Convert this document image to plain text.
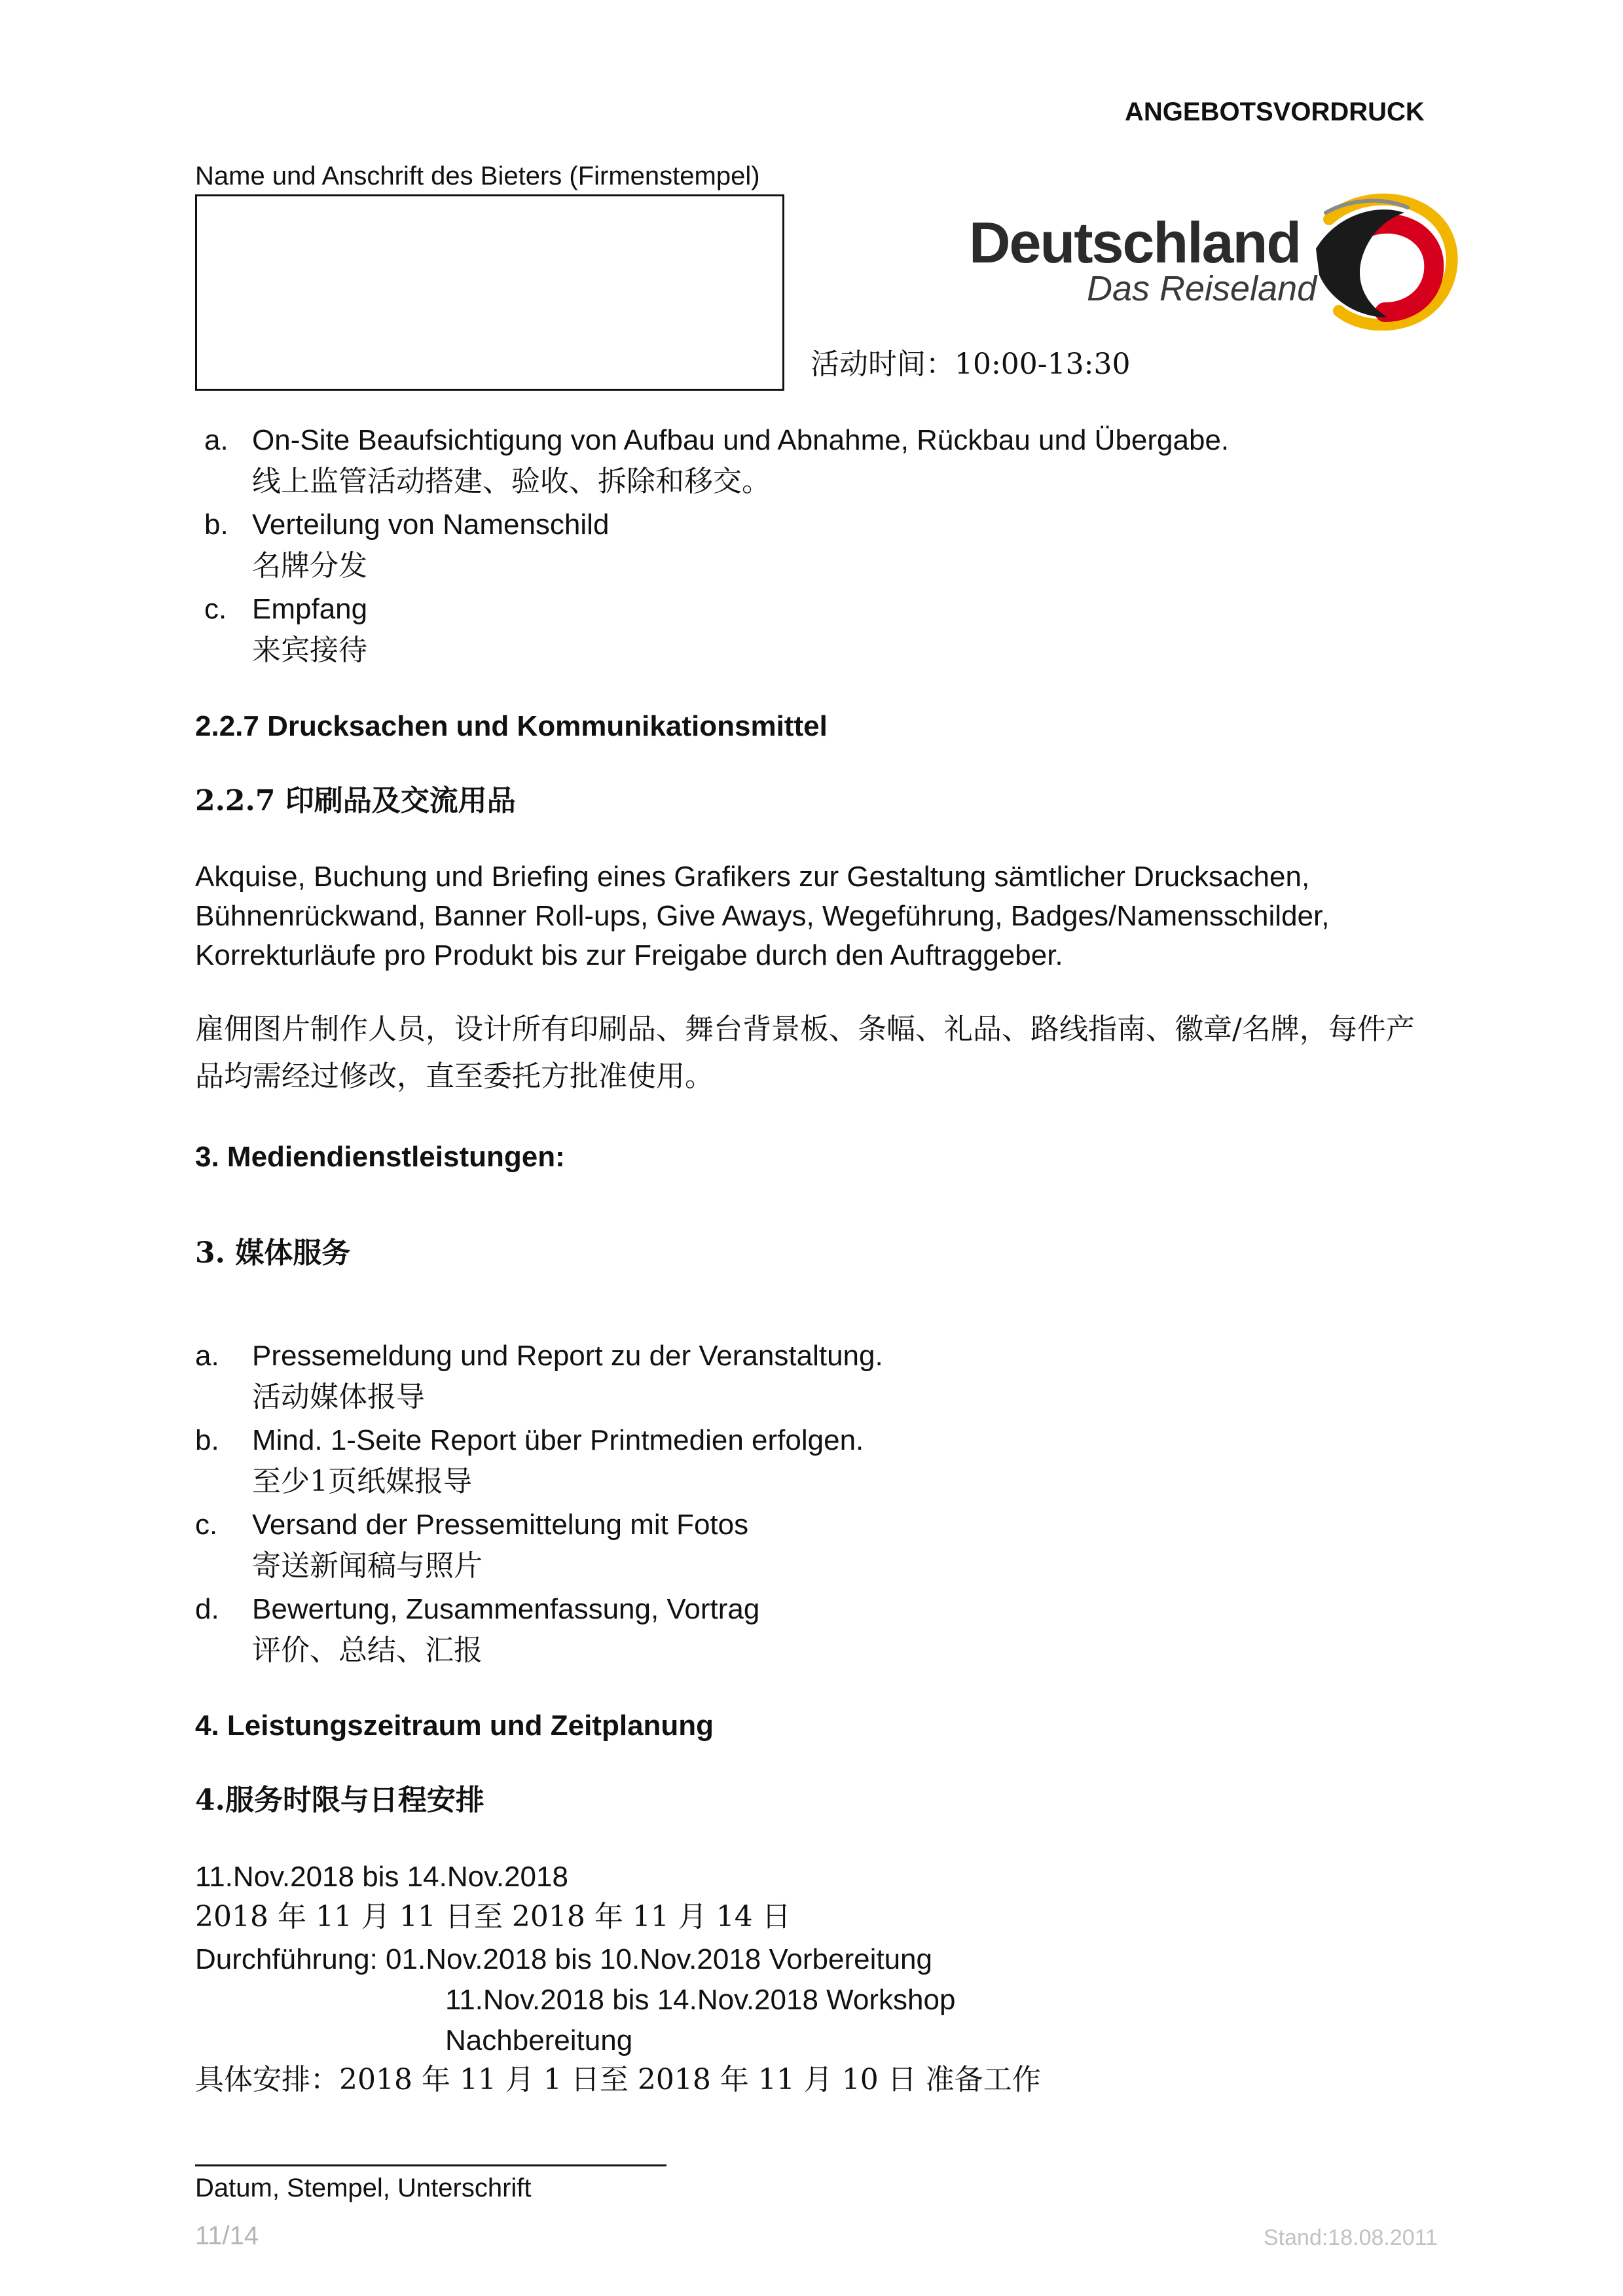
ANGEBOTSVORDRUCK
Name und Anschrift des Bieters (Firmenstempel)
Deutschland
Das Reiseland
活动时间：10:00-13:30
a. On-Site Beaufsichtigung von Aufbau und Abnahme, Rückbau und Übergabe.
线上监管活动搭建、验收、拆除和移交。
b. Verteilung von Namenschild
名牌分发
c. Empfang
来宾接待
2.2.7 Drucksachen und Kommunikationsmittel
2.2.7 印刷品及交流用品
Akquise, Buchung und Briefing eines Grafikers zur Gestaltung sämtlicher Drucksachen,
Bühnenrückwand, Banner Roll-ups, Give Aways, Wegeführung, Badges/Namensschilder,
Korrekturläufe pro Produkt bis zur Freigabe durch den Auftraggeber.
雇佣图片制作人员，设计所有印刷品、舞台背景板、条幅、礼品、路线指南、徽章/名牌，每件产
品均需经过修改，直至委托方批准使用。
3. Mediendienstleistungen:
3. 媒体服务
a. Pressemeldung und Report zu der Veranstaltung.
活动媒体报导
b. Mind. 1-Seite Report über Printmedien erfolgen.
至少1页纸媒报导
c. Versand der Pressemittelung mit Fotos
寄送新闻稿与照片
d. Bewertung, Zusammenfassung, Vortrag
评价、总结、汇报
4. Leistungszeitraum und Zeitplanung
4.服务时限与日程安排
11.Nov.2018 bis 14.Nov.2018
2018 年 11 月 11 日至 2018 年 11 月 14 日
Durchführung: 01.Nov.2018 bis 10.Nov.2018 Vorbereitung
11.Nov.2018 bis 14.Nov.2018 Workshop
Nachbereitung
具体安排：2018 年 11 月 1 日至 2018 年 11 月 10 日 准备工作
Datum, Stempel, Unterschrift
11/14	Stand:18.08.2011
